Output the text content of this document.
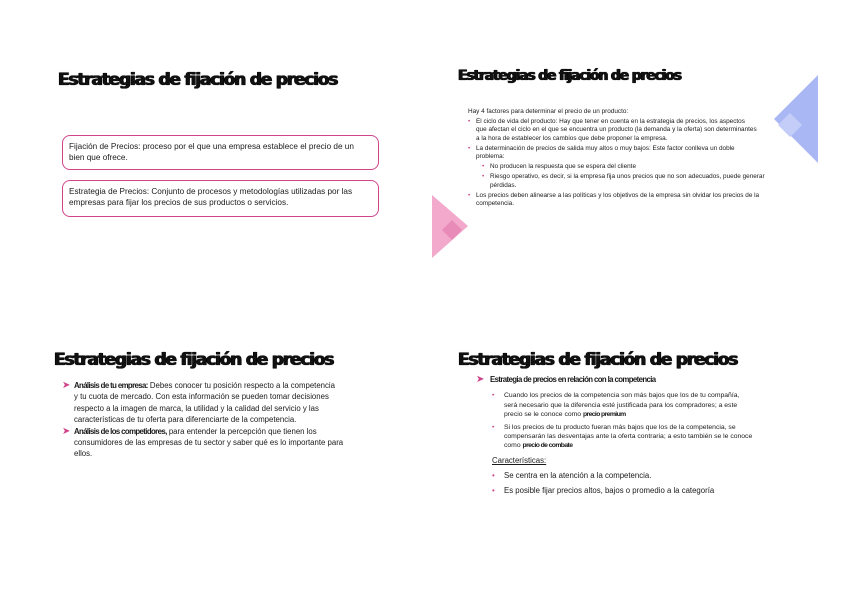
Estrategias de fijación de precios
Fijación de Precios: proceso por el que una empresa establece el precio de un
bien que ofrece.
Estrategia de Precios: Conjunto de procesos y metodologías utilizadas por las
empresas para fijar los precios de sus productos o servicios.
Estrategias de fijación de precios
Hay 4 factores para determinar el precio de un producto:
• El ciclo de vida del producto: Hay que tener en cuenta en la estrategia de precios, los aspectos
que afectan el ciclo en el que se encuentra un producto (la demanda y la oferta) son determinantes
a la hora de establecer los cambios que debe proponer la empresa.
• La determinación de precios de salida muy altos o muy bajos: Este factor conlleva un doble
problema:
• No producen la respuesta que se espera del cliente
• Riesgo operativo, es decir, si la empresa fija unos precios que no son adecuados, puede generar
pérdidas.
• Los precios deben alinearse a las políticas y los objetivos de la empresa sin olvidar los precios de la
competencia.
Estrategias de fijación de precios
➤ Análisis de tu empresa: Debes conocer tu posición respecto a la competencia
y tu cuota de mercado. Con esta información se pueden tomar decisiones
respecto a la imagen de marca, la utilidad y la calidad del servicio y las
características de tu oferta para diferenciarte de la competencia.
➤ Análisis de los competidores, para entender la percepción que tienen los
consumidores de las empresas de tu sector y saber qué es lo importante para
ellos.
Estrategias de fijación de precios
➤ Estrategia de precios en relación con la competencia
• Cuando los precios de la competencia son más bajos que los de tu compañía,
será necesario que la diferencia esté justificada para los compradores; a este
precio se le conoce como precio premium
• Si los precios de tu producto fueran más bajos que los de la competencia, se
compensarán las desventajas ante la oferta contraria; a esto también se le conoce
como precio de combate
Características:
• Se centra en la atención a la competencia.
• Es posible fijar precios altos, bajos o promedio a la categoría
